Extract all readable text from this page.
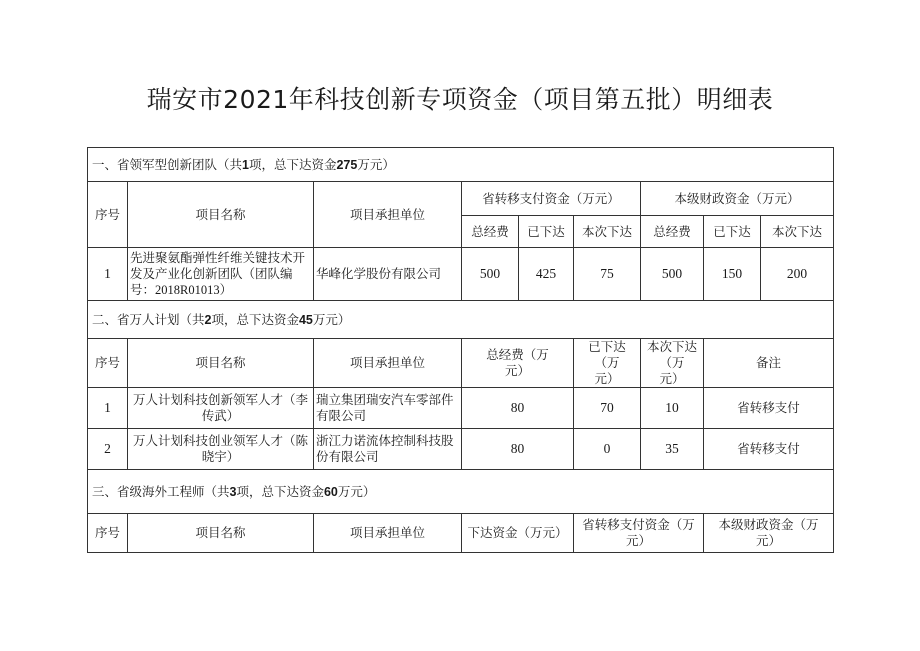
瑞安市2021年科技创新专项资金（项目第五批）明细表
一、省领军型创新团队（共1项，总下达资金275万元）								
序号	项目名称	项目承担单位	省转移支付资金（万元）			本级财政资金（万元）		
			总经费	已下达	本次下达	总经费	已下达	本次下达
1	先进聚氨酯弹性纤维关键技术开
发及产业化创新团队（团队编
号：2018R01013）	华峰化学股份有限公司	500	425	75	500	150	200
二、省万人计划（共2项，总下达资金45万元）								
序号	项目名称	项目承担单位	总经费（万
元）		已下达（万
元）	本次下达（万
元）	备注	
1	万人计划科技创新领军人才（李
传武）	瑞立集团瑞安汽车零部件
有限公司	80		70	10	省转移支付	
2	万人计划科技创业领军人才（陈
晓宇）	浙江力诺流体控制科技股
份有限公司	80		0	35	省转移支付	
三、省级海外工程师（共3项，总下达资金60万元）								
序号	项目名称	项目承担单位	下达资金（万元）		省转移支付资金（万
元）		本级财政资金（万
元）	
